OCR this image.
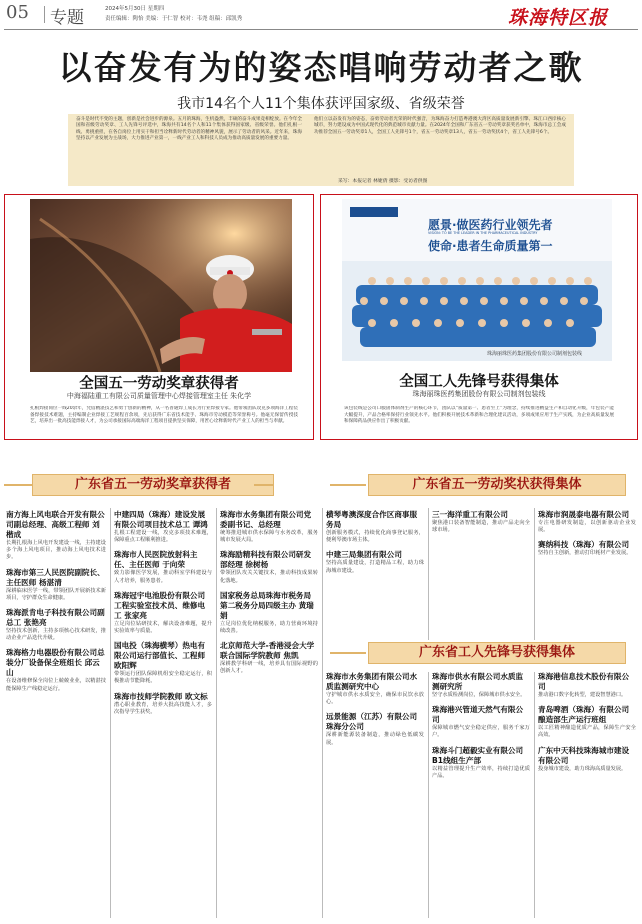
05 专题	2024年5月30日 星期四
责任编辑：陶怡 美编：于仁智 校对：韦尧 组稿：邱凯秀	珠海特区报
以奋发有为的姿态唱响劳动者之歌
我市14名个人11个集体获评国家级、省级荣誉
奋斗是时代不变的主题，创新是社会进步的源泉。五月的珠海，生机盎然，丰硕的奋斗成果竞相绽放。在今年全国和省级劳动奖章、工人先锋号评选中，珠海共有14名个人和11个集体获得国家级、省级荣誉。他们扎根一线、勇挑重担，在各自岗位上用实干和担当诠释新时代劳动者的精神风貌，展示了劳动者的风采。近年来，珠海坚持以产业发展为主战场，大力推进产业第一，一线产业工人和科技人员成为推动高质量发展的重要力量。
他们立以奋发有为的姿态，奋勇劳动者光荣的时代强音，为珠海奋力打造粤港澳大湾区高质量发展新引擎、珠江口西岸核心城市，努力建设成为中国式现代化的典范城市贡献力量。在2024年全国和广东省五一劳动奖章获奖名单中，珠海市总工会成功推荐全国五一劳动奖章1人，全国工人先锋号1个，省五一劳动奖章13人，省五一劳动奖状4个，省工人先锋号6个。
采写：本报记者 林婕倩 摄影：受访者供图
全国五一劳动奖章获得者
中海福陆重工有限公司质量管理中心焊接管理室主任 朱化学
扎根焊接岗位一线20余年，凭借精湛技艺和勇于创新的精神，从一名普通焊工成长为行业焊接专家。他带领团队攻克多项海洋工程装备焊接技术难题，主持编制企业焊接工艺规程百余项，先后获得广东省技术能手、珠海市劳动模范等荣誉称号。他毫无保留传授技艺，培养出一批高技能焊接人才，为公司承接国际高端海洋工程项目提供坚实保障，用匠心诠释新时代产业工人的担当与奉献。
愿景·做医药行业领先者
VISION: TO BE THE LEADER IN THE PHARMACEUTICAL INDUSTRY
使命·患者生命质量第一
珠海丽珠医药集团股份有限公司制剂包装线
全国工人先锋号获得集体
珠海丽珠医药集团股份有限公司制剂包装线
该包装线是公司口服固体制剂生产的核心环节，团队以“质量第一、患者至上”为理念，持续推进精益生产和自动化升级，年包装产能大幅提升，产品合格率保持行业领先水平。他们积极开展技术革新和合理化建议活动，多项成果应用于生产实践，为企业高质量发展和保障药品供应作出了积极贡献。
广东省五一劳动奖章获得者	广东省五一劳动奖状获得集体
广东省工人先锋号获得集体
南方海上风电联合开发有限公司副总经理、高级工程师 刘楷成
长期扎根海上风电开发建设一线，主持建设多个海上风电项目，推动海上风电技术进步。
珠海市第三人民医院副院长、主任医师 杨湛清
深耕临床医学一线，带领团队开展新技术新项目，守护群众生命健康。
珠海派肯电子科技有限公司副总工 张艳亮
坚持技术创新，主持多项核心技术研发，推动企业产品迭代升级。
珠海格力电器股份有限公司总装分厂设备保全班组长 邱云山
在设备维修保全岗位上兢兢业业，以精湛技能保障生产线稳定运行。
中建四局（珠海）建设发展有限公司项目技术总工 谭鸿
扎根工程建设一线，攻克多项技术难题，保障重点工程顺利推进。
珠海市人民医院放射科主任、主任医师 于向荣
致力影像医学发展，推动科室学科建设与人才培养，服务患者。
珠海冠宇电池股份有限公司工程实验室技术员、维修电工 张家亮
立足岗位钻研技术，解决设备难题，提升实验效率与质量。
国电投（珠海横琴）热电有限公司运行部值长、工程师 欧阳辉
带领运行团队保障机组安全稳定运行，积极推动节能降耗。
珠海市技师学院教师 欧文标
潜心职业教育，培养大批高技能人才，多次指导学生获奖。
珠海市水务集团有限公司党委副书记、总经理
统筹推进城市供水保障与水务改革，服务城市发展大局。
珠海励精科技有限公司研发部经理 徐树杨
带领团队攻关关键技术，推动科技成果转化落地。
国家税务总局珠海市税务局第二税务分局四级主办 黄瑞娟
立足岗位优化纳税服务，助力营商环境持续改善。
北京师范大学-香港浸会大学联合国际学院教师 焦凯
深耕教学科研一线，培养具有国际视野的创新人才。
横琴粤澳深度合作区商事服务局
创新服务模式，持续优化商事登记服务，便利琴澳市场主体。
中建三局集团有限公司
坚持高质量建设，打造精品工程，助力珠海城市建设。
珠海市水务集团有限公司水质监测研究中心
守护城市供水水质安全，确保市民饮水放心。
远景能源（江苏）有限公司珠海分公司
深耕新能源装备制造，推动绿色低碳发展。
三一海洋重工有限公司
聚焦港口装备智能制造，推动产品走向全球市场。
珠海市供水有限公司水质监测研究所
坚守水质检测岗位，保障城市供水安全。
珠海港兴管道天然气有限公司
保障城市燃气安全稳定供应，服务千家万户。
珠海斗门超毅实业有限公司B1线组生产部
以精益管理提升生产效率，持续打造优质产品。
珠海市润晟泰电器有限公司
专注电器研发制造，以创新驱动企业发展。
赛纳科技（珠海）有限公司
坚持自主创新，推动打印耗材产业发展。
珠海港信息技术股份有限公司
推动港口数字化转型，建设智慧港口。
青岛啤酒（珠海）有限公司酿造部生产运行班组
以工匠精神酿造优质产品，保障生产安全高效。
广东中天科技珠海城市建设有限公司
投身城市建设，助力珠海高质量发展。
